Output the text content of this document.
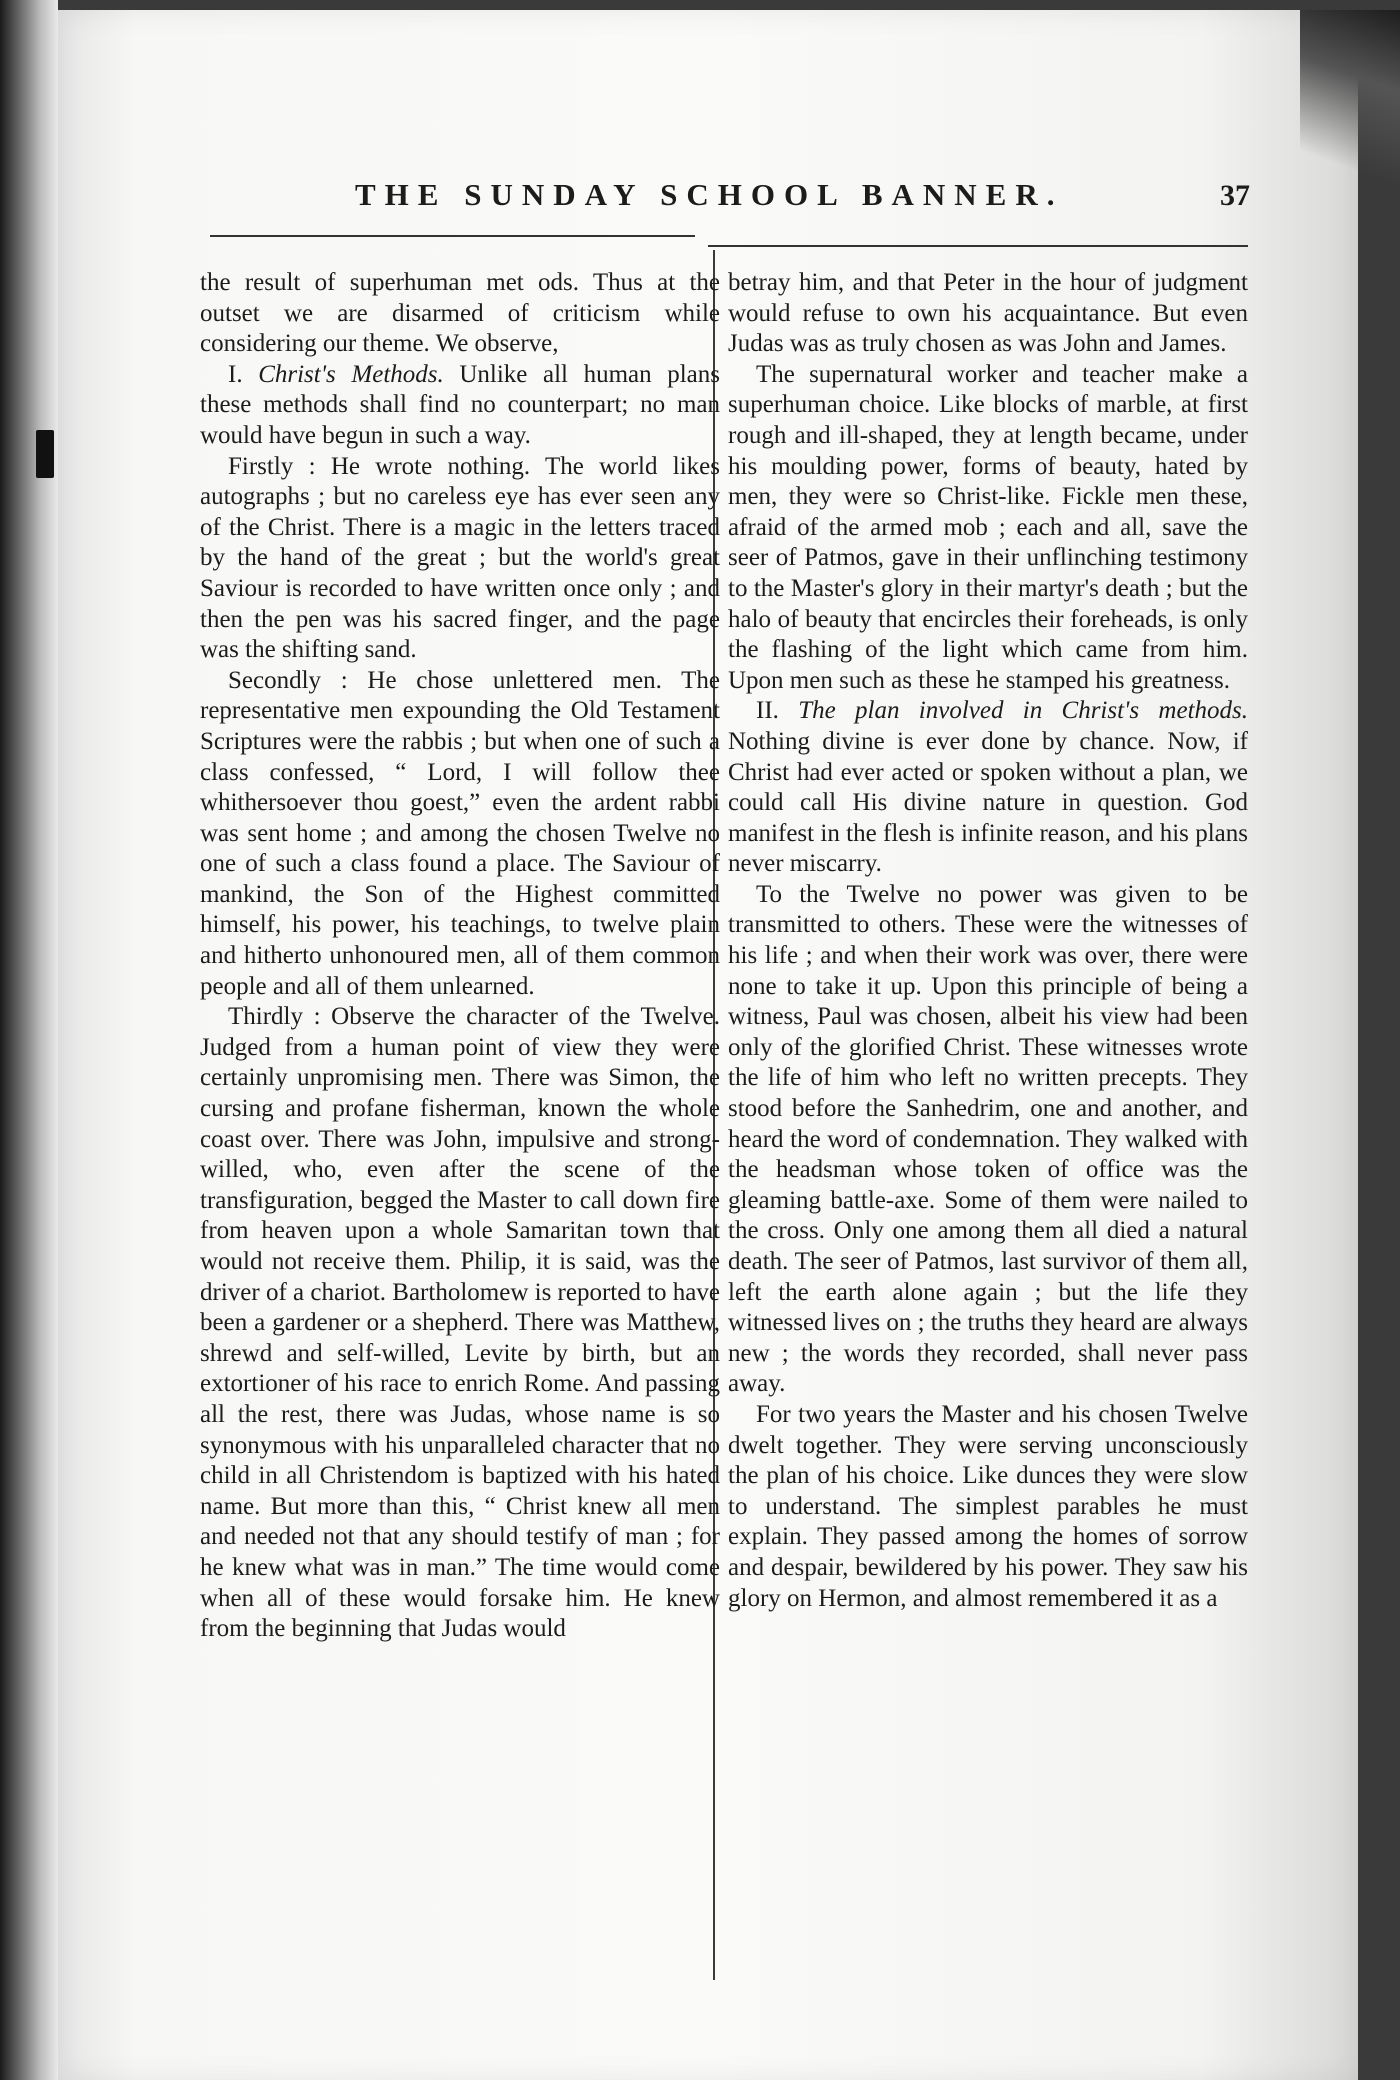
THE SUNDAY SCHOOL BANNER.	37

the result of superhuman met ods. Thus at the outset we are disarmed of criticism while considering our theme. We observe,

I. Christ's Methods. Unlike all human plans these methods shall find no counterpart; no man would have begun in such a way.

Firstly : He wrote nothing. The world likes autographs ; but no careless eye has ever seen any of the Christ. There is a magic in the letters traced by the hand of the great ; but the world's great Saviour is recorded to have written once only ; and then the pen was his sacred finger, and the page was the shifting sand.

Secondly : He chose unlettered men. The representative men expounding the Old Testament Scriptures were the rabbis ; but when one of such a class confessed, “ Lord, I will follow thee whithersoever thou goest,” even the ardent rabbi was sent home ; and among the chosen Twelve no one of such a class found a place. The Saviour of mankind, the Son of the Highest committed himself, his power, his teachings, to twelve plain and hitherto unhonoured men, all of them common people and all of them unlearned.

Thirdly : Observe the character of the Twelve. Judged from a human point of view they were certainly unpromising men. There was Simon, the cursing and profane fisherman, known the whole coast over. There was John, impulsive and strong-willed, who, even after the scene of the transfiguration, begged the Master to call down fire from heaven upon a whole Samaritan town that would not receive them. Philip, it is said, was the driver of a chariot. Bartholomew is reported to have been a gardener or a shepherd. There was Matthew, shrewd and self-willed, Levite by birth, but an extortioner of his race to enrich Rome. And passing all the rest, there was Judas, whose name is so synonymous with his unparalleled character that no child in all Christendom is baptized with his hated name. But more than this, “ Christ knew all men and needed not that any should testify of man ; for he knew what was in man.” The time would come when all of these would forsake him. He knew from the beginning that Judas would

betray him, and that Peter in the hour of judgment would refuse to own his acquaintance. But even Judas was as truly chosen as was John and James.

The supernatural worker and teacher make a superhuman choice. Like blocks of marble, at first rough and ill-shaped, they at length became, under his moulding power, forms of beauty, hated by men, they were so Christ-like. Fickle men these, afraid of the armed mob ; each and all, save the seer of Patmos, gave in their unflinching testimony to the Master's glory in their martyr's death ; but the halo of beauty that encircles their foreheads, is only the flashing of the light which came from him. Upon men such as these he stamped his greatness.

II. The plan involved in Christ's methods. Nothing divine is ever done by chance. Now, if Christ had ever acted or spoken without a plan, we could call His divine nature in question. God manifest in the flesh is infinite reason, and his plans never miscarry.

To the Twelve no power was given to be transmitted to others. These were the witnesses of his life ; and when their work was over, there were none to take it up. Upon this principle of being a witness, Paul was chosen, albeit his view had been only of the glorified Christ. These witnesses wrote the life of him who left no written precepts. They stood before the Sanhedrim, one and another, and heard the word of condemnation. They walked with the headsman whose token of office was the gleaming battle-axe. Some of them were nailed to the cross. Only one among them all died a natural death. The seer of Patmos, last survivor of them all, left the earth alone again ; but the life they witnessed lives on ; the truths they heard are always new ; the words they recorded, shall never pass away.

For two years the Master and his chosen Twelve dwelt together. They were serving unconsciously the plan of his choice. Like dunces they were slow to understand. The simplest parables he must explain. They passed among the homes of sorrow and despair, bewildered by his power. They saw his glory on Hermon, and almost remembered it as a
